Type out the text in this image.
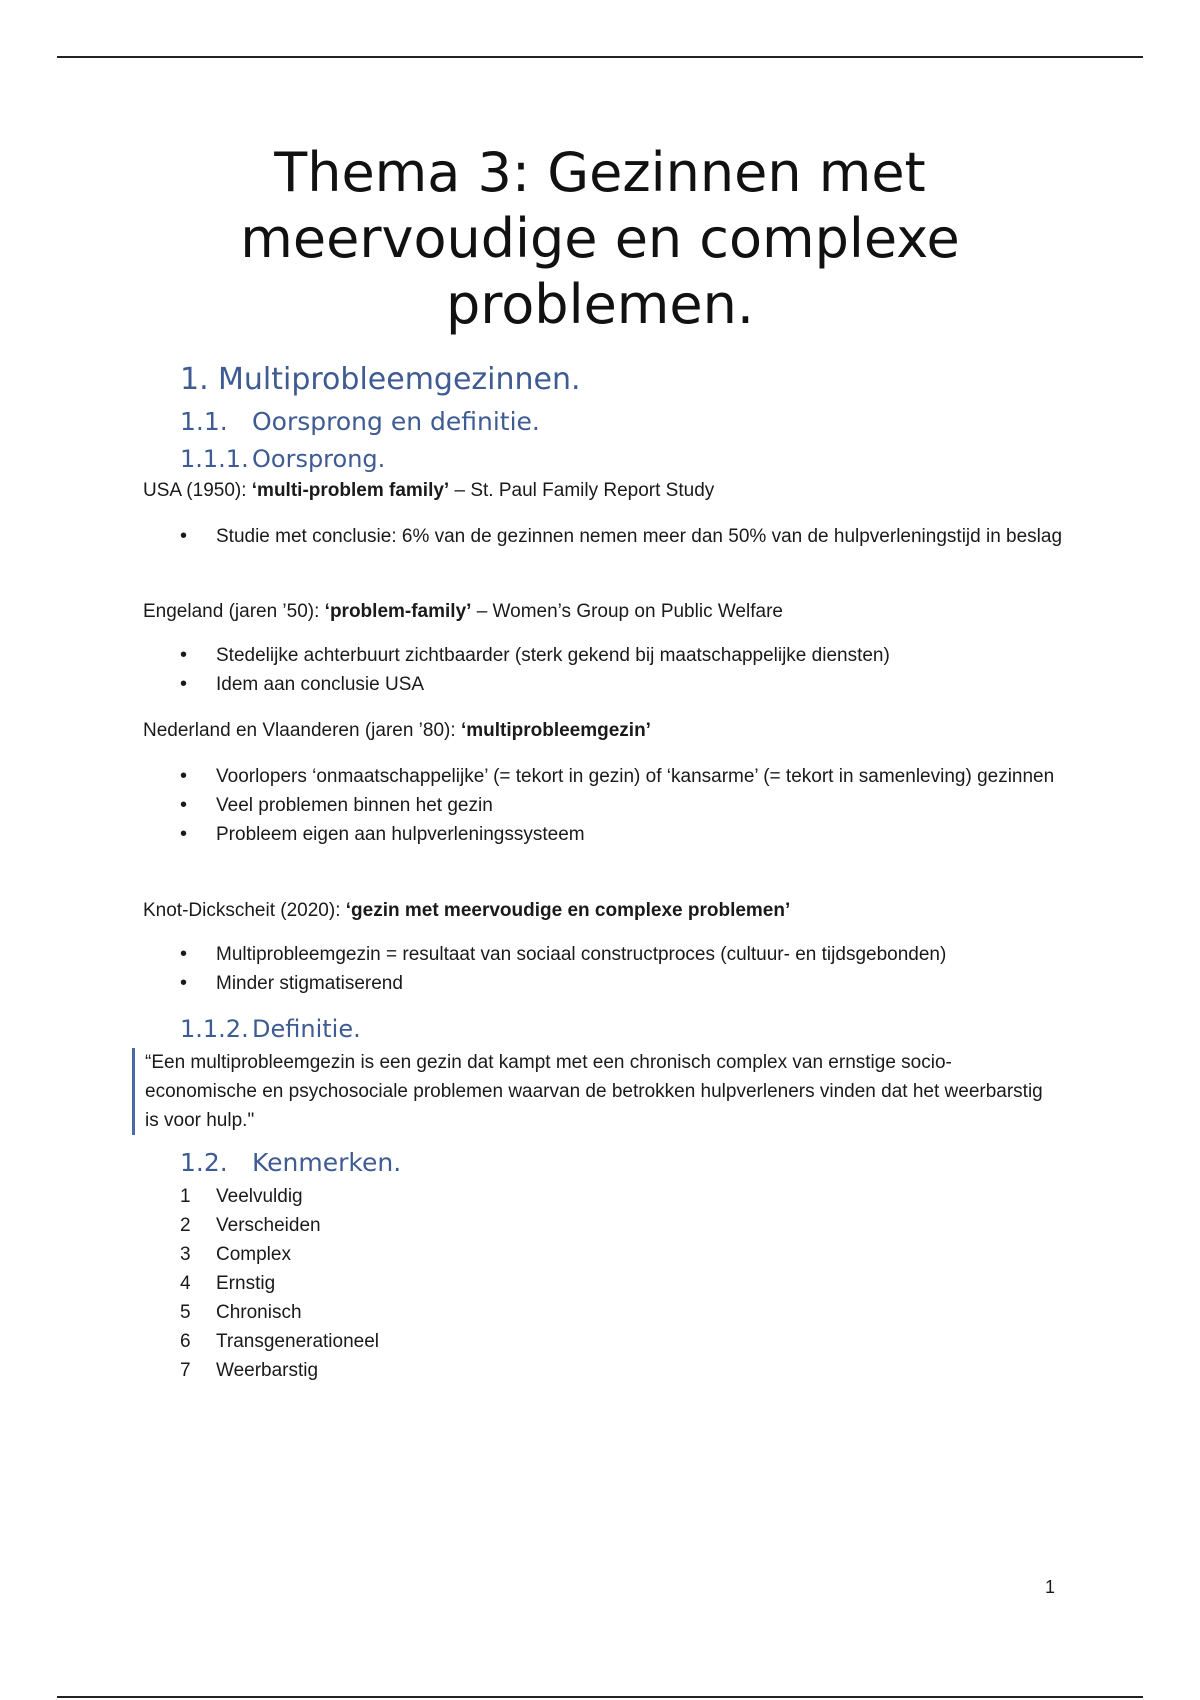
Thema 3: Gezinnen met meervoudige en complexe problemen.
1. Multiprobleemgezinnen.
1.1. Oorsprong en definitie.
1.1.1. Oorsprong.

USA (1950): ‘multi-problem family’ – St. Paul Family Report Study

• Studie met conclusie: 6% van de gezinnen nemen meer dan 50% van de hulpverleningstijd in beslag

Engeland (jaren ’50): ‘problem-family’ – Women’s Group on Public Welfare

• Stedelijke achterbuurt zichtbaarder (sterk gekend bij maatschappelijke diensten)
• Idem aan conclusie USA

Nederland en Vlaanderen (jaren ’80): ‘multiprobleemgezin’

• Voorlopers ‘onmaatschappelijke’ (= tekort in gezin) of ‘kansarme’ (= tekort in samenleving) gezinnen
• Veel problemen binnen het gezin
• Probleem eigen aan hulpverleningssysteem

Knot-Dickscheit (2020): ‘gezin met meervoudige en complexe problemen’

• Multiprobleemgezin = resultaat van sociaal constructproces (cultuur- en tijdsgebonden)
• Minder stigmatiserend
1.1.2. Definitie.
“Een multiprobleemgezin is een gezin dat kampt met een chronisch complex van ernstige socio-economische en psychosociale problemen waarvan de betrokken hulpverleners vinden dat het weerbarstig is voor hulp."
1.2. Kenmerken.
1 Veelvuldig
2 Verscheiden
3 Complex
4 Ernstig
5 Chronisch
6 Transgenerationeel
7 Weerbarstig
1
